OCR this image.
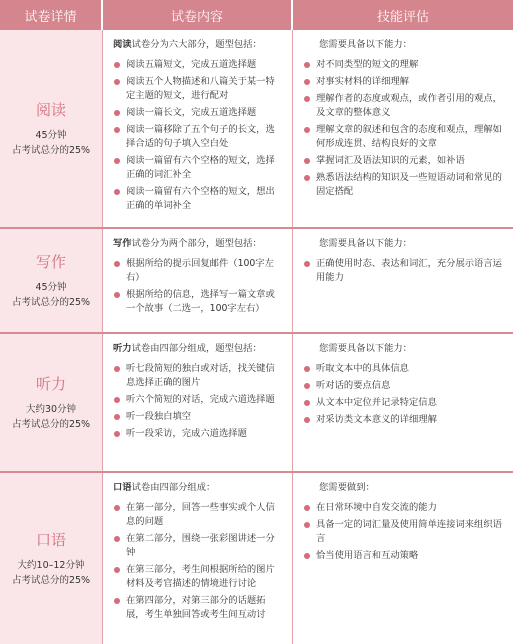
试卷详情	试卷内容	技能评估
阅读
45分钟
占考试总分的25%
阅读试卷分为六大部分，题型包括：
阅读五篇短文，完成五道选择题
阅读五个人物描述和八篇关于某一特定主题的短文，进行配对
阅读一篇长文，完成五道选择题
阅读一篇移除了五个句子的长文，选择合适的句子填入空白处
阅读一篇留有六个空格的短文，选择正确的词汇补全
阅读一篇留有六个空格的短文，想出正确的单词补全
您需要具备以下能力：
对不同类型的短文的理解
对事实材料的详细理解
理解作者的态度或观点，或作者引用的观点，及文章的整体意义
理解文章的叙述和包含的态度和观点，理解如何形成连贯、结构良好的文章
掌握词汇及语法知识的元素，如补语
熟悉语法结构的知识及一些短语动词和常见的固定搭配
写作
45分钟
占考试总分的25%
写作试卷分为两个部分，题型包括：
根据所给的提示回复邮件（100字左右）
根据所给的信息，选择写一篇文章或一个故事（二选一，100字左右）
您需要具备以下能力：
正确使用时态、表达和词汇，充分展示语言运用能力
听力
大约30分钟
占考试总分的25%
听力试卷由四部分组成，题型包括：
听七段简短的独白或对话，找关键信息选择正确的图片
听六个简短的对话，完成六道选择题
听一段独白填空
听一段采访，完成六道选择题
您需要具备以下能力：
听取文本中的具体信息
听对话的要点信息
从文本中定位并记录特定信息
对采访类文本意义的详细理解
口语
大约10–12分钟
占考试总分的25%
口语试卷由四部分组成：
在第一部分，回答一些事实或个人信息的问题
在第二部分，围绕一张彩图讲述一分钟
在第三部分，考生间根据所给的图片材料及考官描述的情境进行讨论
在第四部分，对第三部分的话题拓展，考生单独回答或考生间互动讨
您需要做到：
在日常环境中自发交流的能力
具备一定的词汇量及使用简单连接词来组织语言
恰当使用语言和互动策略
